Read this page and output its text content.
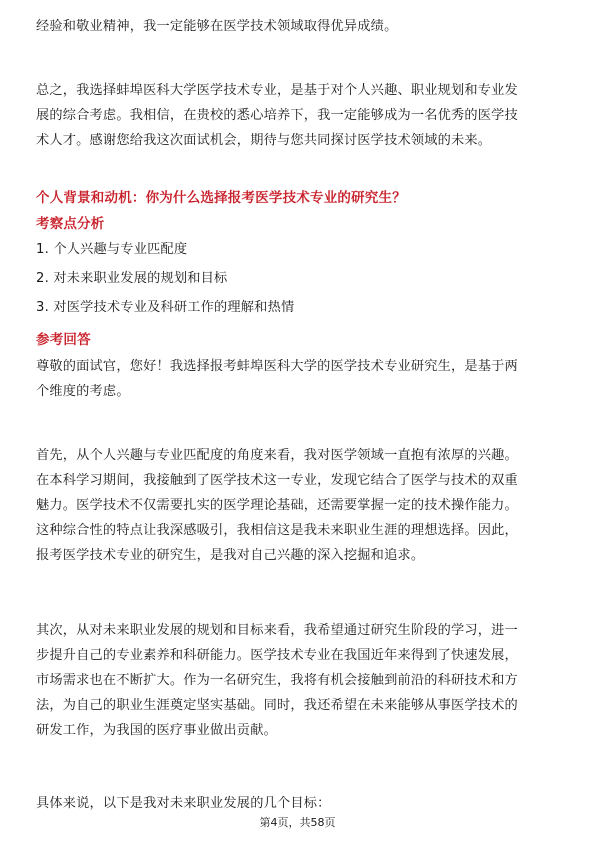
经验和敬业精神，我一定能够在医学技术领域取得优异成绩。
总之，我选择蚌埠医科大学医学技术专业，是基于对个人兴趣、职业规划和专业发
展的综合考虑。我相信，在贵校的悉心培养下，我一定能够成为一名优秀的医学技
术人才。感谢您给我这次面试机会，期待与您共同探讨医学技术领域的未来。
个人背景和动机：你为什么选择报考医学技术专业的研究生？
考察点分析
1. 个人兴趣与专业匹配度
2. 对未来职业发展的规划和目标
3. 对医学技术专业及科研工作的理解和热情
参考回答
尊敬的面试官，您好！我选择报考蚌埠医科大学的医学技术专业研究生，是基于两
个维度的考虑。
首先，从个人兴趣与专业匹配度的角度来看，我对医学领域一直抱有浓厚的兴趣。
在本科学习期间，我接触到了医学技术这一专业，发现它结合了医学与技术的双重
魅力。医学技术不仅需要扎实的医学理论基础，还需要掌握一定的技术操作能力。
这种综合性的特点让我深感吸引，我相信这是我未来职业生涯的理想选择。因此，
报考医学技术专业的研究生，是我对自己兴趣的深入挖掘和追求。
其次，从对未来职业发展的规划和目标来看，我希望通过研究生阶段的学习，进一
步提升自己的专业素养和科研能力。医学技术专业在我国近年来得到了快速发展，
市场需求也在不断扩大。作为一名研究生，我将有机会接触到前沿的科研技术和方
法，为自己的职业生涯奠定坚实基础。同时，我还希望在未来能够从事医学技术的
研发工作，为我国的医疗事业做出贡献。
具体来说，以下是我对未来职业发展的几个目标：
第4页，共58页
